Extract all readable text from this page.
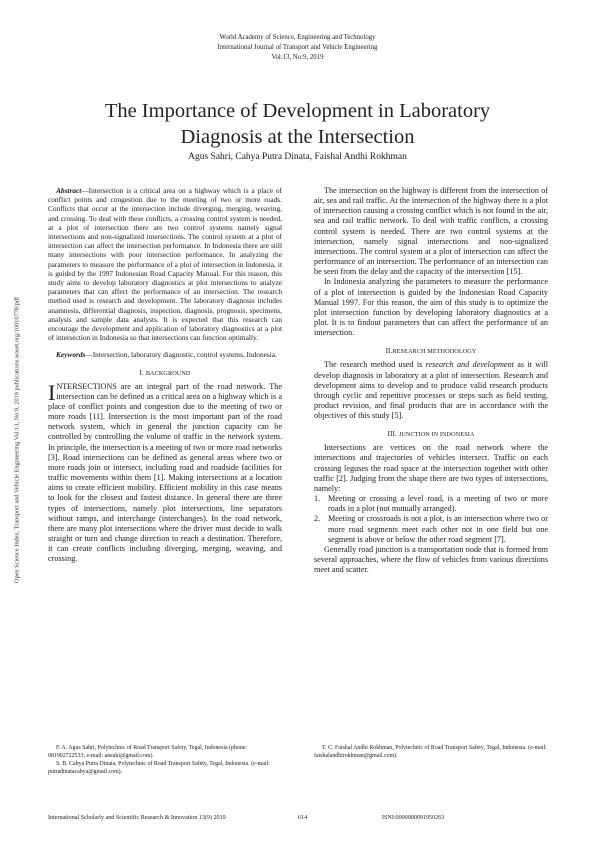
World Academy of Science, Engineering and Technology
International Journal of Transport and Vehicle Engineering
Vol:13, No:9, 2019
The Importance of Development in Laboratory
Diagnosis at the Intersection
Agus Sahri, Cahya Putra Dinata, Faishal Andhi Rokhman
Open Science Index, Transport and Vehicle Engineering Vol:13, No:9, 2019 publications.waset.org/10010778/pdf
Abstract—Intersection is a critical area on a highway which is a place of conflict points and congestion due to the meeting of two or more roads. Conflicts that occur at the intersection include diverging, merging, weaving, and crossing. To deal with these conflicts, a crossing control system is needed, at a plot of intersection there are two control systems namely signal intersections and non-signalized intersections. The control system at a plot of intersection can affect the intersection performance. In Indonesia there are still many intersections with poor intersection performance. In analyzing the parameters to measure the performance of a plot of intersection in Indonesia, it is guided by the 1997 Indonesian Road Capacity Manual. For this reason, this study aims to develop laboratory diagnostics at plot intersections to analyze parameters that can affect the performance of an intersection. The research method used is research and development. The laboratory diagnosis includes anamnesis, differential diagnosis, inspection, diagnosis, prognosis, specimens, analysis and sample data analysts. It is expected that this research can encourage the development and application of laboratory diagnostics at a plot of intersection in Indonesia so that intersections can function optimally.
Keywords—Intersection, laboratory diagnostic, control systems, Indonesia.
I. BACKGROUND
INTERSECTIONS are an integral part of the road network. The intersection can be defined as a critical area on a highway which is a place of conflict points and congestion due to the meeting of two or more roads [11]. Intersection is the most important part of the road network system, which in general the junction capacity can be controlled by controlling the volume of traffic in the network system. In principle, the intersection is a meeting of two or more road networks [3]. Road intersections can be defined as general areas where two or more roads join or intersect, including road and roadside facilities for traffic movements within them [1]. Making intersections at a location aims to create efficient mobility. Efficient mobility in this case means to look for the closest and fastest distance. In general there are three types of intersections, namely plot intersections, line separators without ramps, and interchange (interchanges). In the road network, there are many plot intersections where the driver must decide to walk straight or turn and change direction to reach a destination. Therefore, it can create conflicts including diverging, merging, weaving, and crossing.
The intersection on the highway is different from the intersection of air, sea and rail traffic. At the intersection of the highway there is a plot of intersection causing a crossing conflict which is not found in the air, sea and rail traffic network. To deal with traffic conflicts, a crossing control system is needed. There are two control systems at the intersection, namely signal intersections and non-signalized intersections. The control system at a plot of intersection can affect the performance of an intersection. The performance of an intersection can be seen from the delay and the capacity of the intersection [15].
In Indonesia analyzing the parameters to measure the performance of a plot of intersection is guided by the Indonesian Road Capacity Manual 1997. For this reason, the aim of this study is to optimize the plot intersection function by developing laboratory diagnostics at a plot. It is to findout parameters that can affect the performance of an intersection.
II.RESEARCH METHODOLOGY
The research method used is research and development as it will develop diagnosis in laboratory at a plot of intersection. Research and development aims to develop and to produce valid research products through cyclic and repetitive processes or steps such as field testing, product revision, and final products that are in accordance with the objectives of this study [5].
III. JUNCTION IN INDONESIA
Intersections are vertices on the road network where the intersections and trajectories of vehicles intersect. Traffic on each crossing leguses the road space at the intersection together with other traffic [2]. Judging from the shape there are two types of intersections, namely:
1. Meeting or crossing a level road, is a meeting of two or more roads in a plot (not mutually arranged).
2. Meeting or crossroads is not a plot, is an intersection where two or more road segments meet each other not in one field but one segment is above or below the other road segment [7].
Generally road junction is a transportation node that is formed from several approaches, where the flow of vehicles from various directions meet and scatter.
F. A. Agus Sahri, Polytechnic of Road Transport Safety, Tegal, Indonesia (phone: 081902722533; e-mail: ansuki@gmail.com).
S. B. Cahya Putra Dinata, Polytechnic of Road Transport Safety, Tegal, Indonesia. (e-mail: putradinatacahya@gmail.com).
T. C. Faishal Andhi Rokhman, Polytechnic of Road Transport Safety, Tegal, Indonesia. (e-mail: faishalandhirokhman@gmail.com).
International Scholarly and Scientific Research & Innovation 13(9) 2019	614	ISNI:0000000091950263
